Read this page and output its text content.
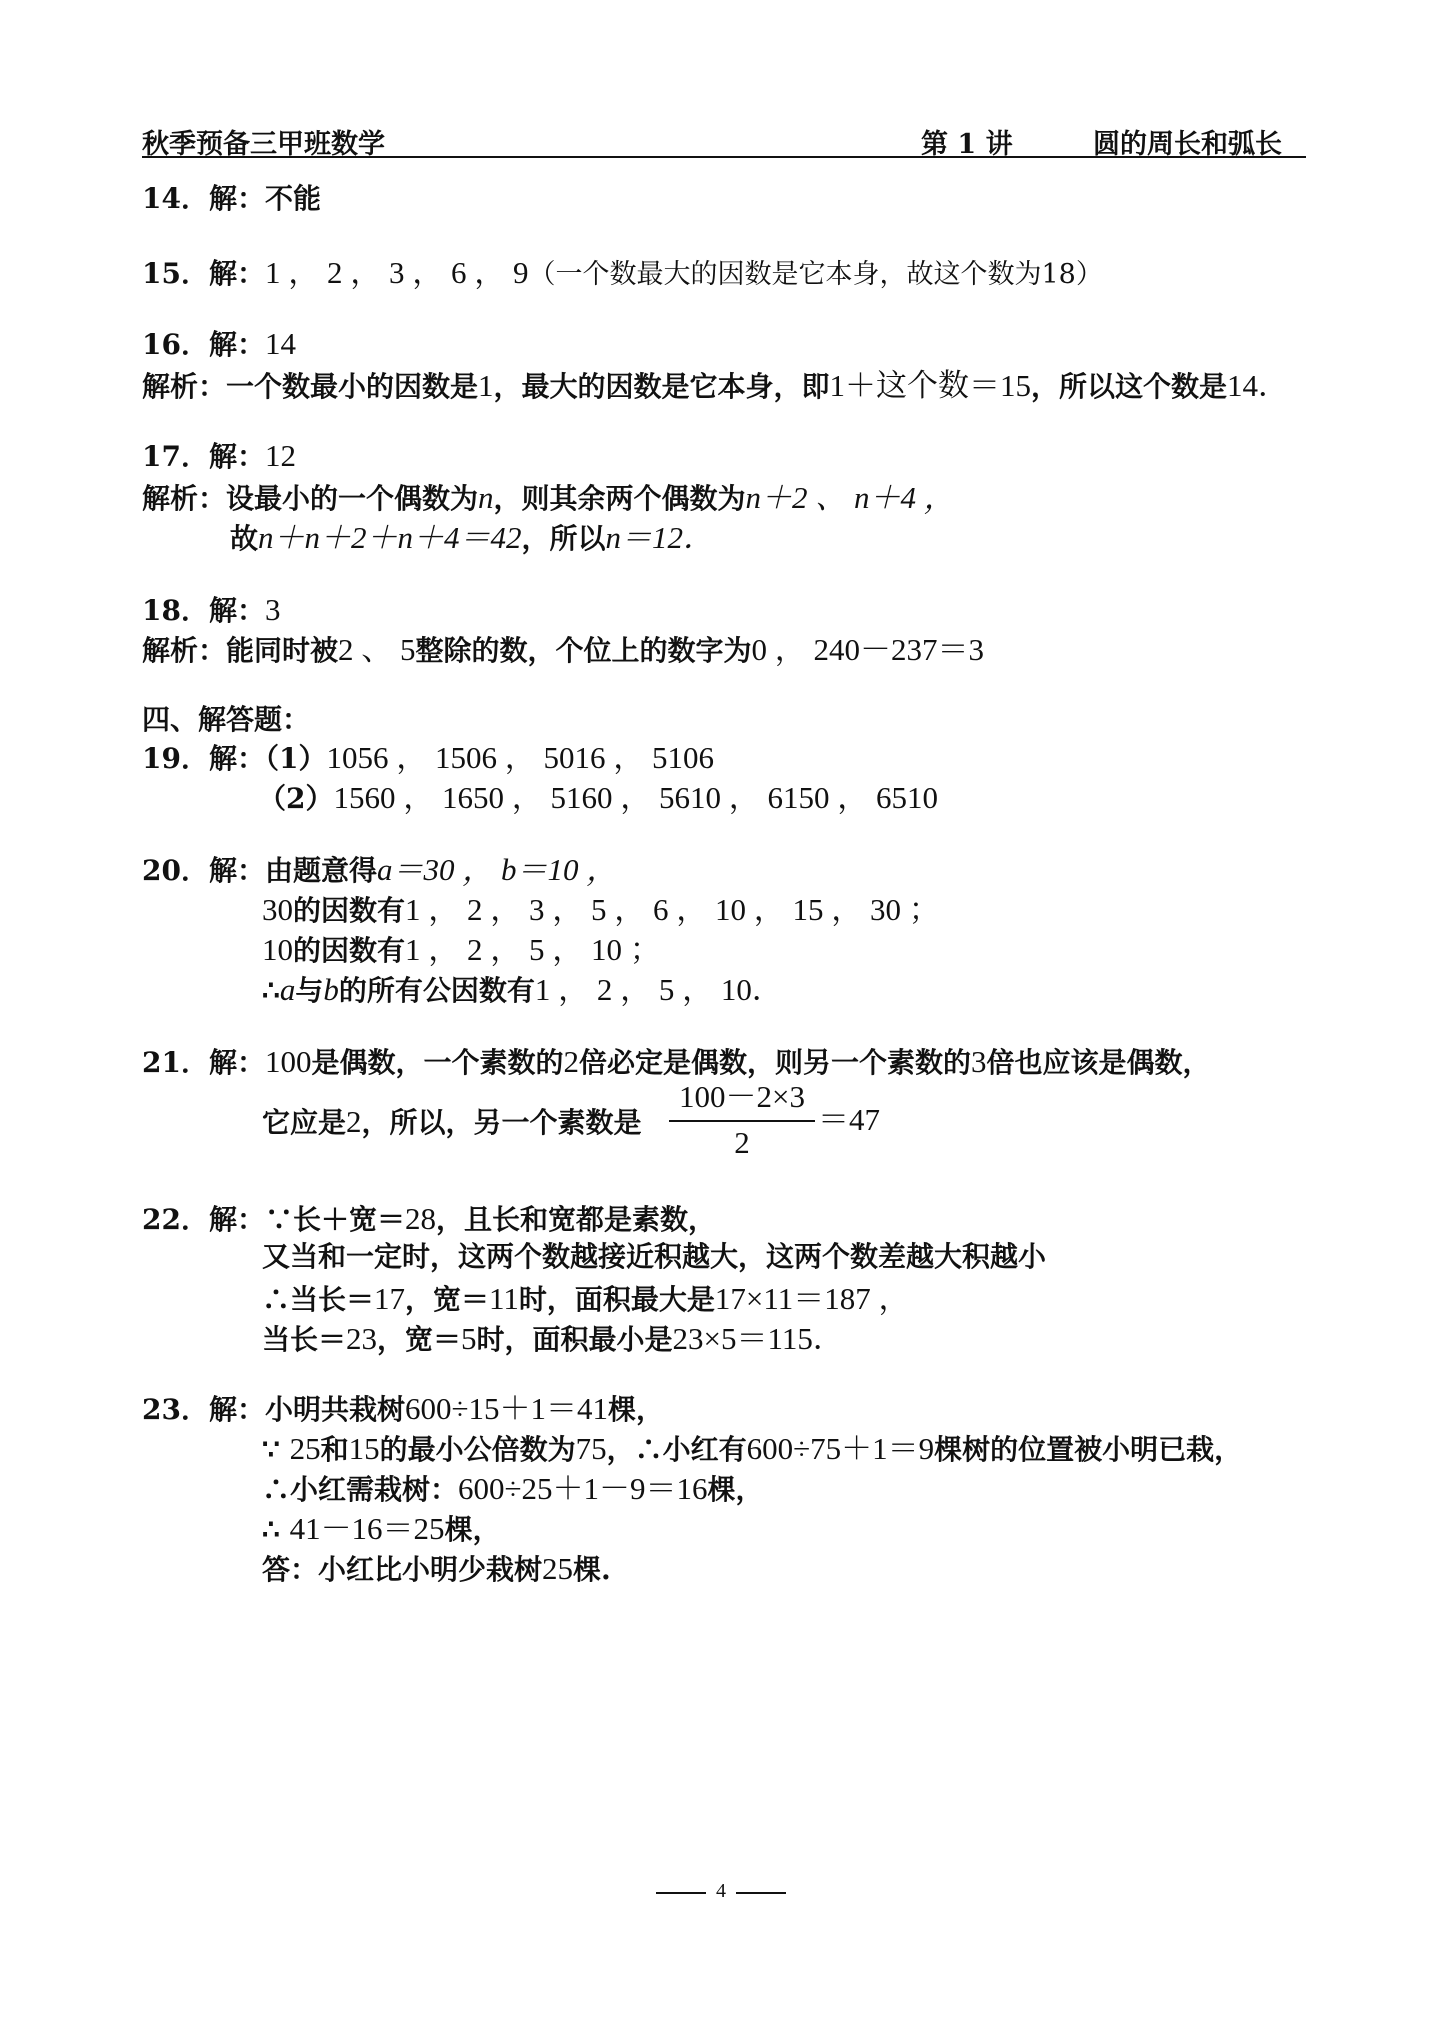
秋季预备三甲班数学	第 1 讲	圆的周长和弧长
14．解：不能
15．解：1 ， 2 ， 3 ， 6 ， 9（一个数最大的因数是它本身，故这个数为18）
16．解：14
解析：一个数最小的因数是1，最大的因数是它本身，即1＋这个数＝15，所以这个数是14．
17．解：12
解析：设最小的一个偶数为n，则其余两个偶数为n＋2 、 n＋4 ，
故n＋n＋2＋n＋4＝42，所以n＝12．
18．解：3
解析：能同时被2 、 5整除的数，个位上的数字为0 ， 240－237＝3
四、解答题：
19．解：（1）1056 ， 1506 ， 5016 ， 5106
（2）1560 ， 1650 ， 5160 ， 5610 ， 6150 ， 6510
20．解：由题意得a＝30 ， b＝10 ，
30的因数有1 ， 2 ， 3 ， 5 ， 6 ， 10 ， 15 ， 30 ；
10的因数有1 ， 2 ， 5 ， 10 ；
∴a与b的所有公因数有1 ， 2 ， 5 ， 10．
21．解：100是偶数，一个素数的2倍必定是偶数，则另一个素数的3倍也应该是偶数，
它应是2，所以，另一个素数是
100－2×3
2
＝47
22．解：∵长＋宽＝28，且长和宽都是素数，
又当和一定时，这两个数越接近积越大，这两个数差越大积越小
∴当长＝17，宽＝11时，面积最大是17×11＝187 ，
当长＝23，宽＝5时，面积最小是23×5＝115．
23．解：小明共栽树600÷15＋1＝41棵，
∵ 25和15的最小公倍数为75，∴小红有600÷75＋1＝9棵树的位置被小明已栽，
∴小红需栽树：600÷25＋1－9＝16棵，
∴ 41－16＝25棵，
答：小红比小明少栽树25棵.
4
